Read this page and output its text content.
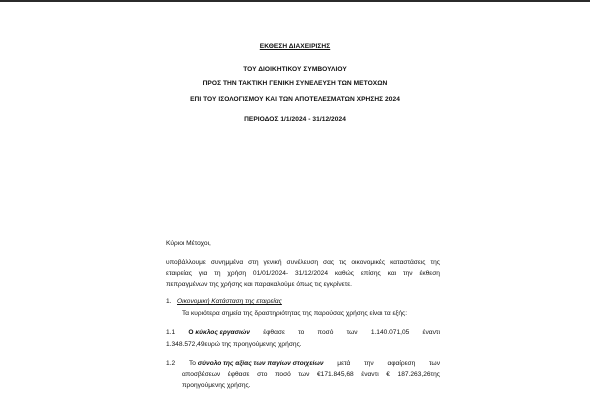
ΕΚΘΕΣΗ ΔΙΑΧΕΙΡΙΣΗΣ
ΤΟΥ ΔΙΟΙΚΗΤΙΚΟΥ ΣΥΜΒΟΥΛΙΟΥ
ΠΡΟΣ ΤΗΝ ΤΑΚΤΙΚΗ ΓΕΝΙΚΗ ΣΥΝΕΛΕΥΣΗ ΤΩΝ ΜΕΤΟΧΩΝ
ΕΠΙ ΤΟΥ ΙΣΟΛΟΓΙΣΜΟΥ ΚΑΙ ΤΩΝ ΑΠΟΤΕΛΕΣΜΑΤΩΝ ΧΡΗΣΗΣ 2024
ΠΕΡΙΟΔΟΣ 1/1/2024 - 31/12/2024
Κύριοι Μέτοχοι,
υποβάλλουμε συνημμένα στη γενική συνέλευση σας τις οικονομικές καταστάσεις της
εταιρείας για τη χρήση 01/01/2024- 31/12/2024 καθώς επίσης και την έκθεση
πεπραγμένων της χρήσης και παρακαλούμε όπως τις εγκρίνετε.
1. Οικονομική Κατάσταση της εταιρείας
Τα κυριότερα σημεία της δραστηριότητας της παρούσας χρήσης είναι τα εξής:
1.1 Ο κύκλος εργασιών έφθασε το ποσό των 1.140.071,05 έναντι
1.348.572,49ευρώ της προηγούμενης χρήσης.
1.2 Το σύνολο της αξίας των παγίων στοιχείων μετά την αφαίρεση των
αποσβέσεων έφθασε στο ποσό των €171.845,68 έναντι € 187.263,26της
προηγούμενης χρήσης.
